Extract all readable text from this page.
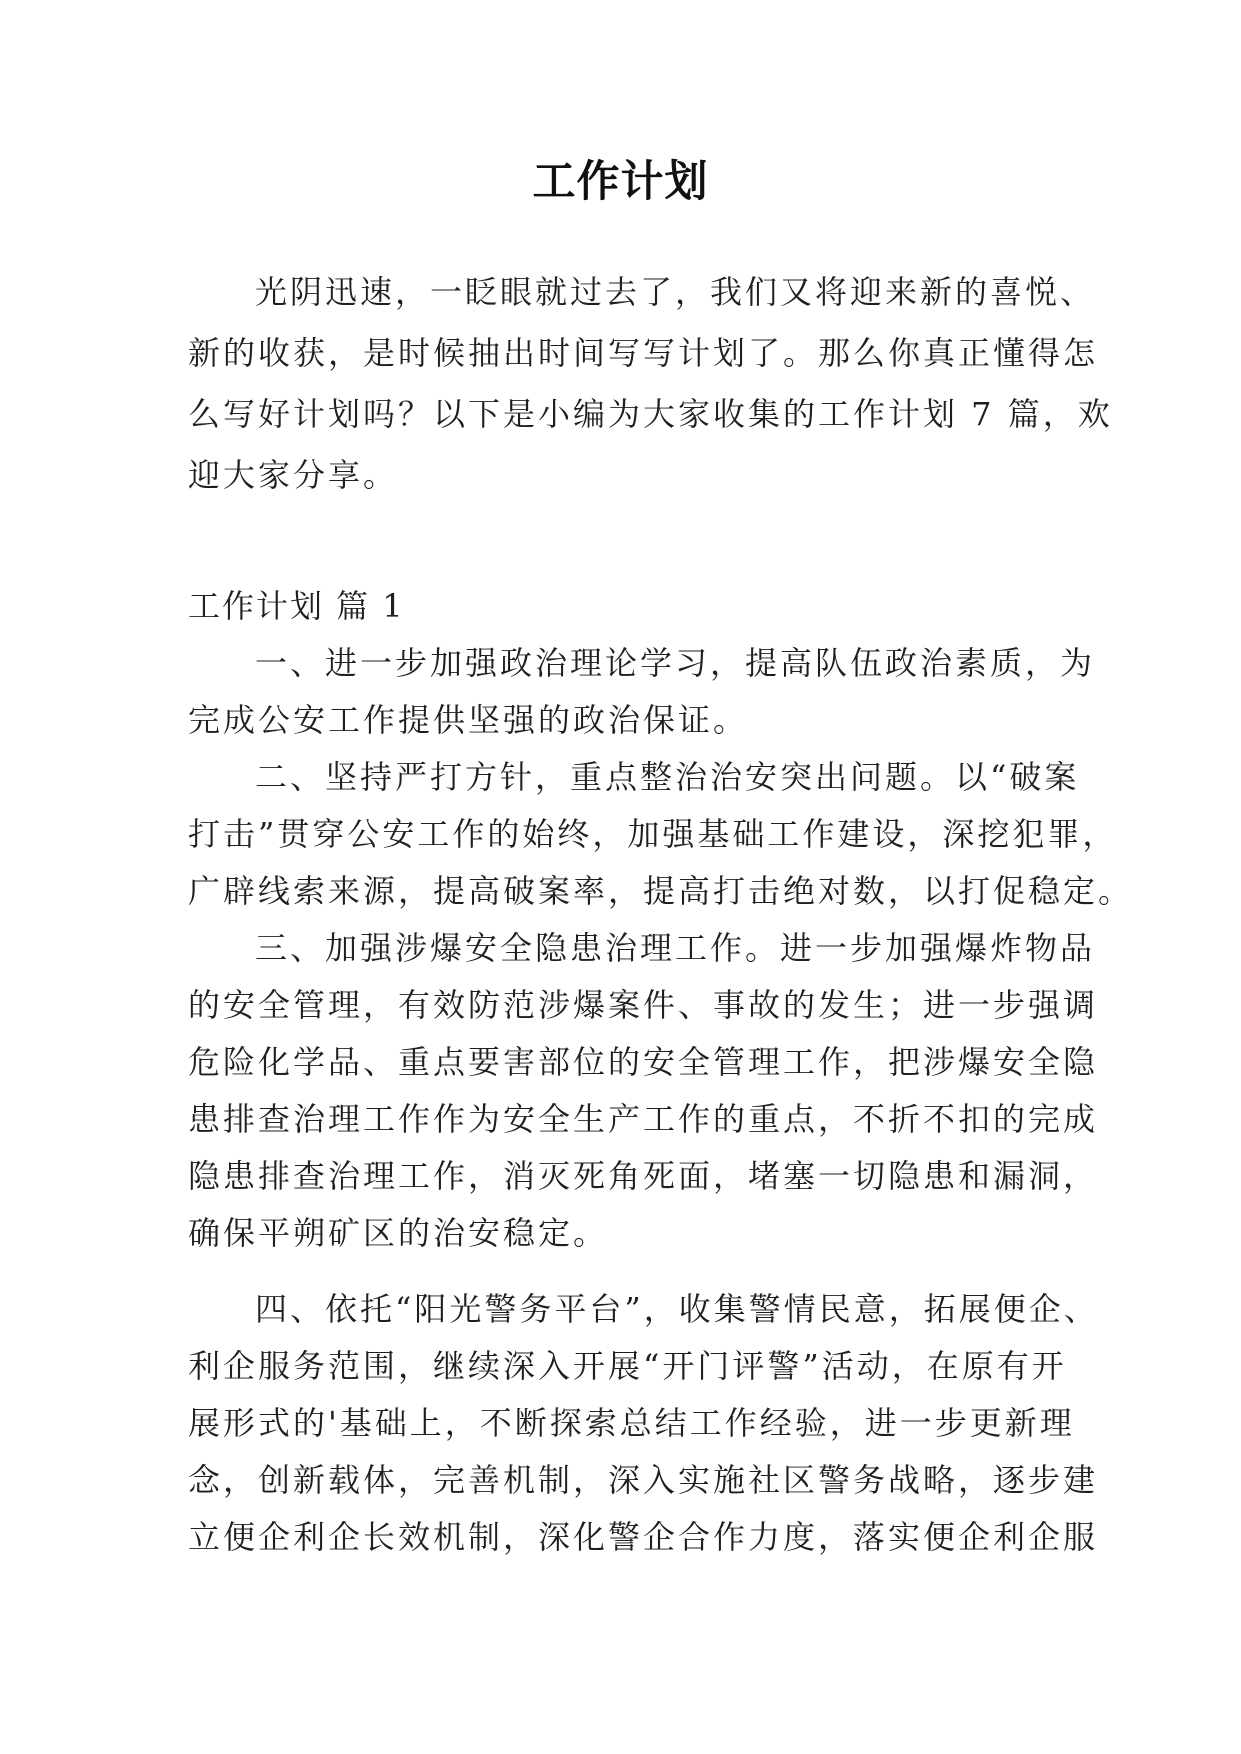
工作计划
光阴迅速，一眨眼就过去了，我们又将迎来新的喜悦、
新的收获，是时候抽出时间写写计划了。那么你真正懂得怎
么写好计划吗？以下是小编为大家收集的工作计划 7 篇，欢
迎大家分享。
工作计划 篇 1
一、进一步加强政治理论学习，提高队伍政治素质，为
完成公安工作提供坚强的政治保证。
二、坚持严打方针，重点整治治安突出问题。以“破案
打击”贯穿公安工作的始终，加强基础工作建设，深挖犯罪，
广辟线索来源，提高破案率，提高打击绝对数，以打促稳定。
三、加强涉爆安全隐患治理工作。进一步加强爆炸物品
的安全管理，有效防范涉爆案件、事故的发生；进一步强调
危险化学品、重点要害部位的安全管理工作，把涉爆安全隐
患排查治理工作作为安全生产工作的重点，不折不扣的完成
隐患排查治理工作，消灭死角死面，堵塞一切隐患和漏洞，
确保平朔矿区的治安稳定。
四、依托“阳光警务平台”，收集警情民意，拓展便企、
利企服务范围，继续深入开展“开门评警”活动，在原有开
展形式的'基础上，不断探索总结工作经验，进一步更新理
念，创新载体，完善机制，深入实施社区警务战略，逐步建
立便企利企长效机制，深化警企合作力度，落实便企利企服
